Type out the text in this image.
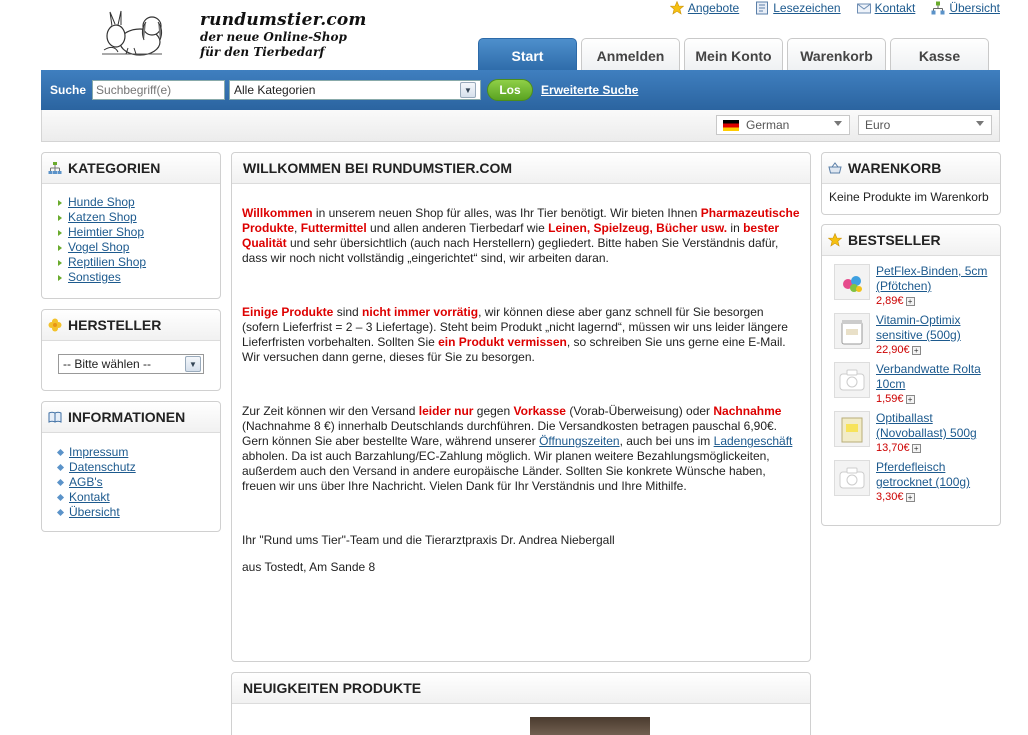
rundumstier.com
der neue Online-Shop
für den Tierbedarf
Angebote	Lesezeichen	Kontakt	Übersicht
Start	Anmelden	Mein Konto	Warenkorb	Kasse
Suche
Suchbegriff(e)	Alle Kategorien	▼	Los	Erweiterte Suche
German	Euro
KATEGORIEN
Hunde Shop
Katzen Shop
Heimtier Shop
Vogel Shop
Reptilien Shop
Sonstiges
HERSTELLER
-- Bitte wählen --	▼
INFORMATIONEN
Impressum
Datenschutz
AGB's
Kontakt
Übersicht
WILLKOMMEN BEI RUNDUMSTIER.COM

Willkommen in unserem neuen Shop für alles, was Ihr Tier benötigt. Wir bieten Ihnen Pharmazeutische Produkte, Futtermittel und allen anderen Tierbedarf wie Leinen, Spielzeug, Bücher usw. in bester Qualität und sehr übersichtlich (auch nach Herstellern) gegliedert. Bitte haben Sie Verständnis dafür, dass wir noch nicht vollständig „eingerichtet“ sind, wir arbeiten daran.

Einige Produkte sind nicht immer vorrätig, wir können diese aber ganz schnell für Sie besorgen (sofern Lieferfrist = 2 – 3 Liefertage). Steht beim Produkt „nicht lagernd“, müssen wir uns leider längere Lieferfristen vorbehalten. Sollten Sie ein Produkt vermissen, so schreiben Sie uns gerne eine E-Mail. Wir versuchen dann gerne, dieses für Sie zu besorgen.

Zur Zeit können wir den Versand leider nur gegen Vorkasse (Vorab-Überweisung) oder Nachnahme (Nachnahme 8 €) innerhalb Deutschlands durchführen. Die Versandkosten betragen pauschal 6,90€. Gern können Sie aber bestellte Ware, während unserer Öffnungszeiten, auch bei uns im Ladengeschäft abholen. Da ist auch Barzahlung/EC-Zahlung möglich. Wir planen weitere Bezahlungsmöglickeiten, außerdem auch den Versand in andere europäische Länder. Sollten Sie konkrete Wünsche haben, freuen wir uns über Ihre Nachricht. Vielen Dank für Ihr Verständnis und Ihre Mithilfe.

Ihr "Rund ums Tier"-Team und die Tierarztpraxis Dr. Andrea Niebergall

aus Tostedt, Am Sande 8

NEUIGKEITEN PRODUKTE
WARENKORB
Keine Produkte im Warenkorb
BESTSELLER
PetFlex-Binden, 5cm (Pfötchen)
2,89€ +
Vitamin-Optimix sensitive (500g)
22,90€ +
Verbandwatte Rolta 10cm
1,59€ +
Optiballast (Novoballast) 500g
13,70€ +
Pferdefleisch getrocknet (100g)
3,30€ +
